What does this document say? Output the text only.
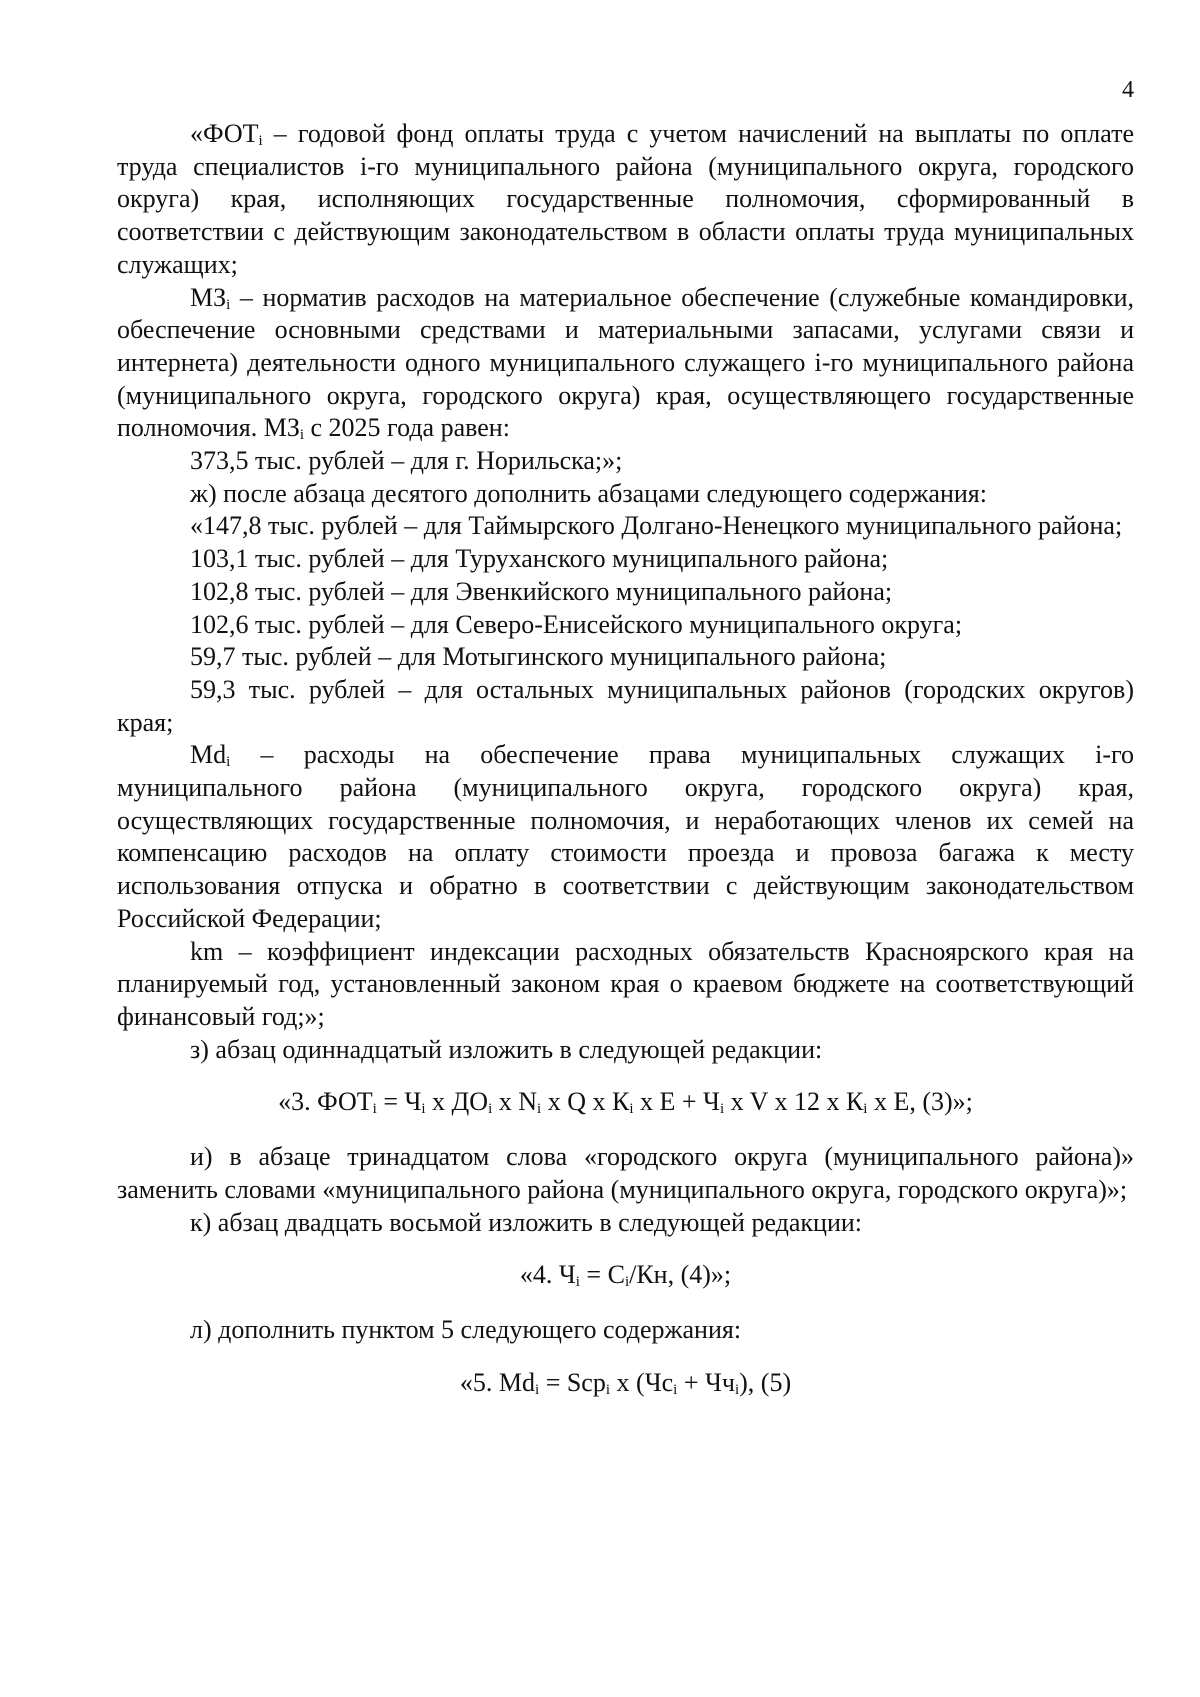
4

«$ФОТ_i$ – годовой фонд оплаты труда с учетом начислений на выплаты по оплате труда специалистов i-го муниципального района (муниципального округа, городского округа) края, исполняющих государственные полномочия, сформированный в соответствии с действующим законодательством в области оплаты труда муниципальных служащих;

$МЗ_i$ – норматив расходов на материальное обеспечение (служебные командировки, обеспечение основными средствами и материальными запасами, услугами связи и интернета) деятельности одного муниципального служащего i-го муниципального района (муниципального округа, городского округа) края, осуществляющего государственные полномочия. $МЗ_i$ с 2025 года равен:

373,5 тыс. рублей – для г. Норильска;»;

ж) после абзаца десятого дополнить абзацами следующего содержания:

«147,8 тыс. рублей – для Таймырского Долгано-Ненецкого муниципального района;

103,1 тыс. рублей – для Туруханского муниципального района;

102,8 тыс. рублей – для Эвенкийского муниципального района;

102,6 тыс. рублей – для Северо-Енисейского муниципального округа;

59,7 тыс. рублей – для Мотыгинского муниципального района;

59,3 тыс. рублей – для остальных муниципальных районов (городских округов) края;

$Md_i$ – расходы на обеспечение права муниципальных служащих i-го муниципального района (муниципального округа, городского округа) края, осуществляющих государственные полномочия, и неработающих членов их семей на компенсацию расходов на оплату стоимости проезда и провоза багажа к месту использования отпуска и обратно в соответствии с действующим законодательством Российской Федерации;

km – коэффициент индексации расходных обязательств Красноярского края на планируемый год, установленный законом края о краевом бюджете на соответствующий финансовый год;»;

з) абзац одиннадцатый изложить в следующей редакции:

«3. $ФОТ_i = Ч_i$ x $ДО_i$ x $N_i$ x Q x $К_i$ x $E + Ч_i$ x V x 12 x $К_i$ x E, (3)»;

и) в абзаце тринадцатом слова «городского округа (муниципального района)» заменить словами «муниципального района (муниципального округа, городского округа)»;

к) абзац двадцать восьмой изложить в следующей редакции:

«4. $Ч_i = С_i/Кн$, (4)»;

л) дополнить пунктом 5 следующего содержания:

«5. $Md_i = Scp_i$ x $(Чс_i + Чч_i)$, (5)
